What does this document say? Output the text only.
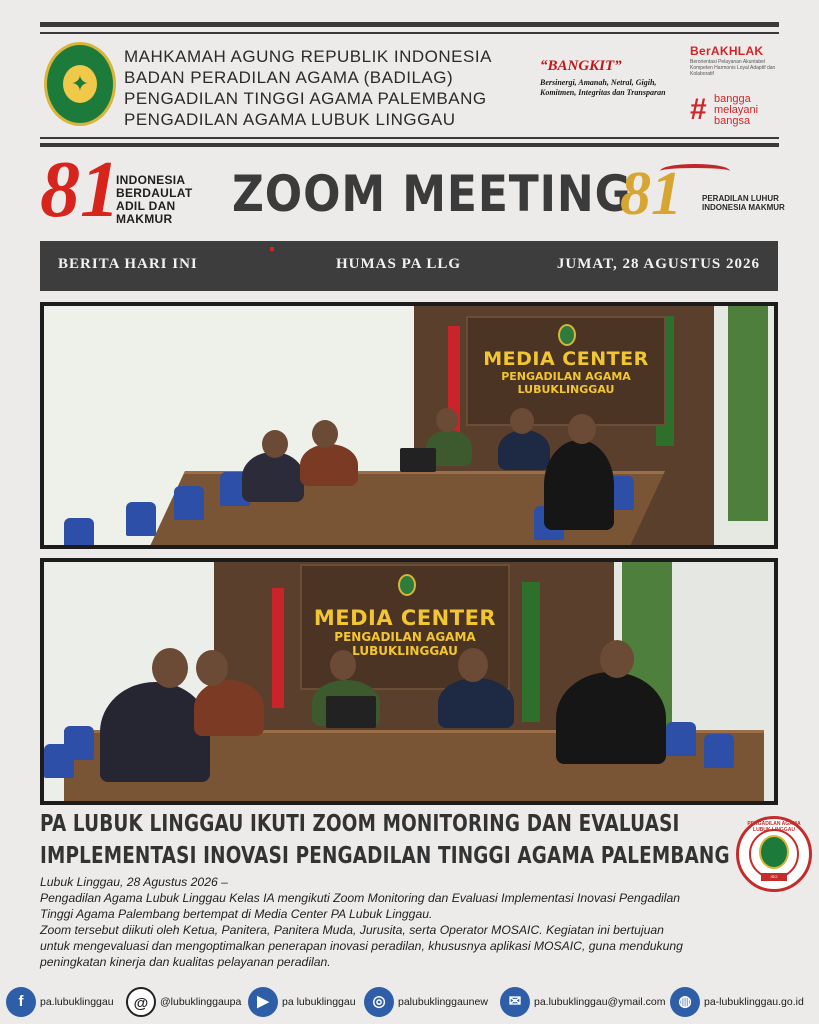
✦
MAHKAMAH AGUNG REPUBLIK INDONESIA
BADAN PERADILAN AGAMA (BADILAG)
PENGADILAN TINGGI AGAMA PALEMBANG
PENGADILAN AGAMA LUBUK LINGGAU
“BANGKIT”
Bersinergi, Amanah, Netral, Gigih, Komitmen, Integritas dan Transparan
BerAKHLAK
Berorientasi Pelayanan Akuntabel Kompeten Harmonis Loyal Adaptif dan Kolaboratif
# bangga
melayani
bangsa
81
INDONESIA
BERDAULAT
ADIL DAN
MAKMUR	ZOOM MEETING
81	PERADILAN LUHUR
INDONESIA MAKMUR
BERITA HARI INI	HUMAS PA LLG	JUMAT, 28 AGUSTUS 2026
MEDIA CENTER
PENGADILAN AGAMA
LUBUKLINGGAU
MEDIA CENTER
PENGADILAN AGAMA
LUBUKLINGGAU
PA LUBUK LINGGAU IKUTI ZOOM MONITORING DAN EVALUASI
IMPLEMENTASI INOVASI PENGADILAN TINGGI AGAMA PALEMBANG
PENGADILAN AGAMA LUBUK LINGGAU
ISO
Lubuk Linggau, 28 Agustus 2026 –
Pengadilan Agama Lubuk Linggau Kelas IA mengikuti Zoom Monitoring dan Evaluasi Implementasi Inovasi Pengadilan
Tinggi Agama Palembang bertempat di Media Center PA Lubuk Linggau.
Zoom tersebut diikuti oleh Ketua, Panitera, Panitera Muda, Jurusita, serta Operator MOSAIC. Kegiatan ini bertujuan
untuk mengevaluasi dan mengoptimalkan penerapan inovasi peradilan, khususnya aplikasi MOSAIC, guna mendukung
peningkatan kinerja dan kualitas pelayanan peradilan.
f	pa.lubuklinggau	@	@lubuklinggaupa	▶	pa lubuklinggau	◎	palubuklinggaunew	✉	pa.lubuklinggau@ymail.com ◍	pa-lubuklinggau.go.id
